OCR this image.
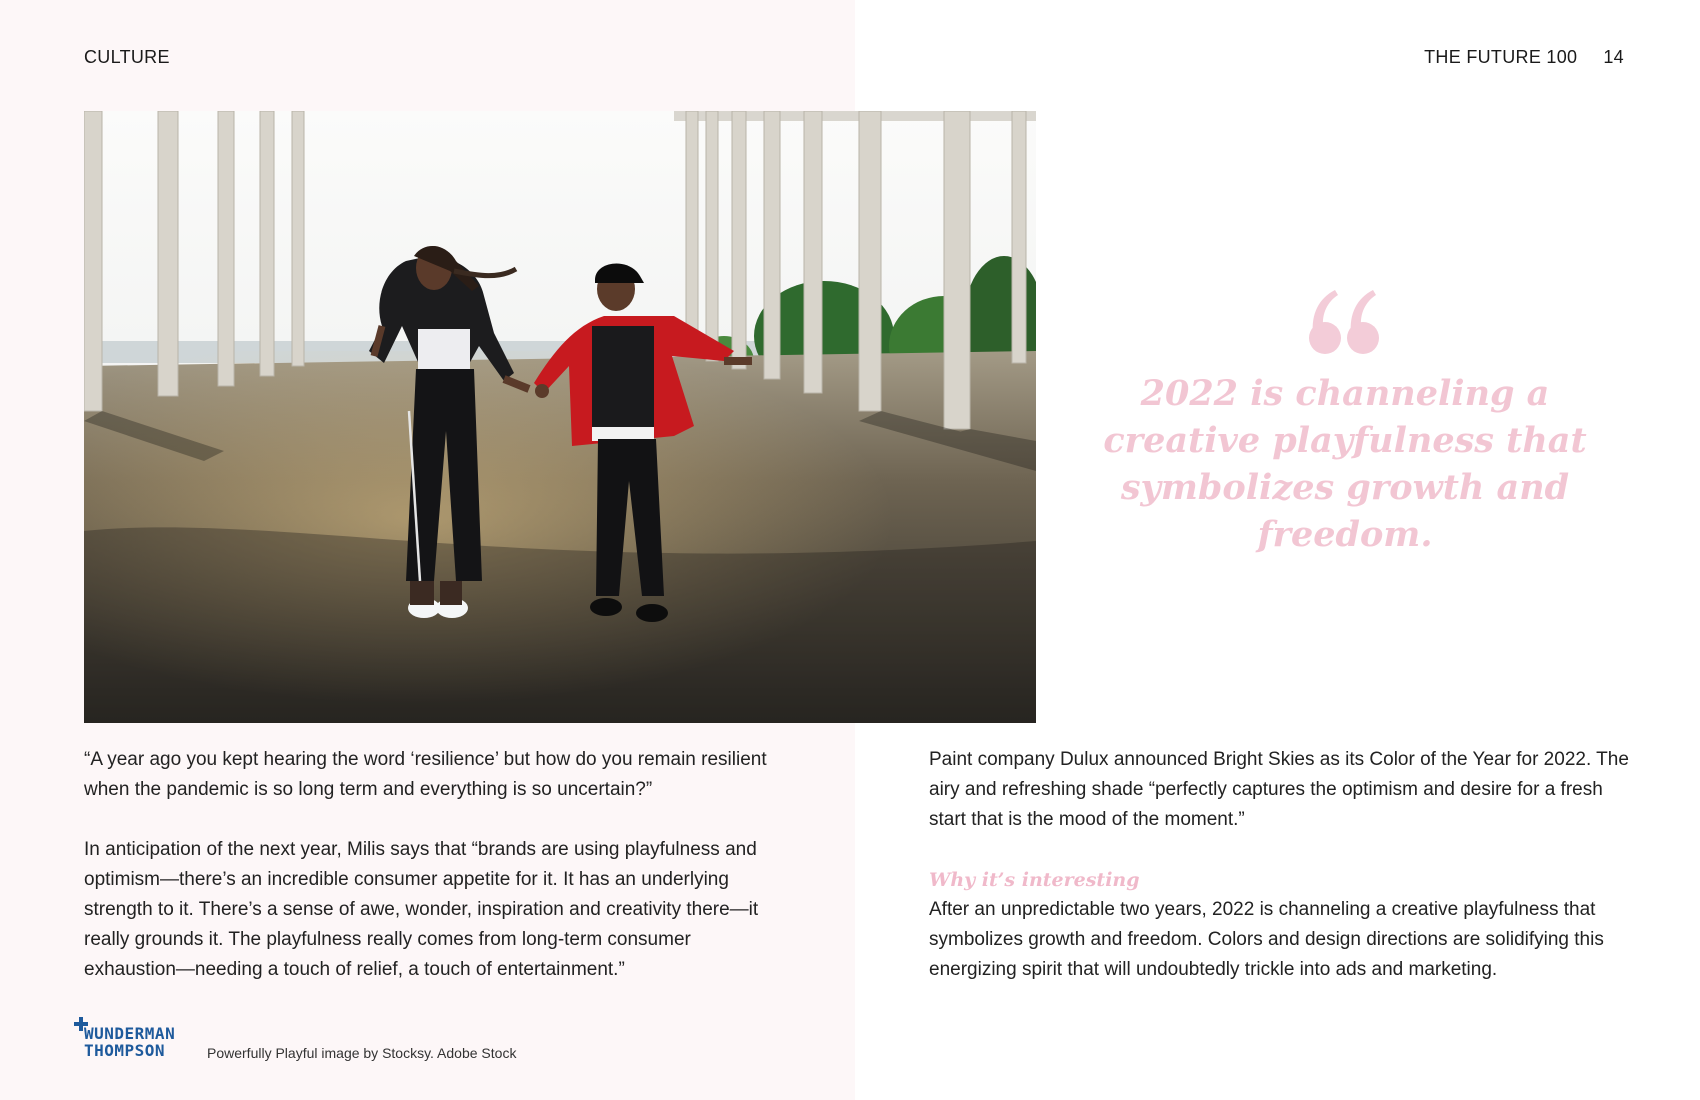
CULTURE	THE FUTURE 100 14
2022 is channeling a creative playfulness that symbolizes growth and freedom.

“A year ago you kept hearing the word ‘resilience’ but how do you remain resilient when the pandemic is so long term and everything is so uncertain?”

In anticipation of the next year, Milis says that “brands are using playfulness and optimism—there’s an incredible consumer appetite for it. It has an underlying strength to it. There’s a sense of awe, wonder, inspiration and creativity there—it really grounds it. The playfulness really comes from long-term consumer exhaustion—needing a touch of relief, a touch of entertainment.”

Paint company Dulux announced Bright Skies as its Color of the Year for 2022. The airy and refreshing shade “perfectly captures the optimism and desire for a fresh start that is the mood of the moment.”

Why it’s interesting

After an unpredictable two years, 2022 is channeling a creative playfulness that symbolizes growth and freedom. Colors and design directions are solidifying this energizing spirit that will undoubtedly trickle into ads and marketing.

WUNDERMAN
THOMPSON	Powerfully Playful image by Stocksy. Adobe Stock
